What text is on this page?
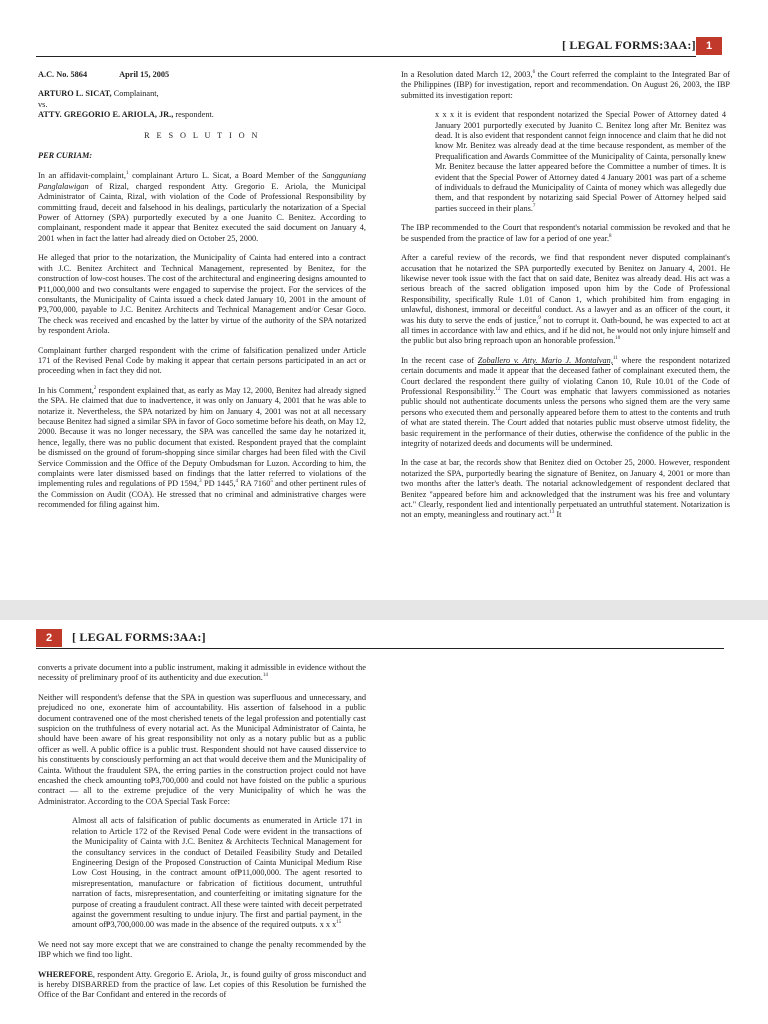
[ LEGAL FORMS:3AA:] 1
A.C. No. 5864	April 15, 2005
ARTURO L. SICAT, Complainant,
vs.
ATTY. GREGORIO E. ARIOLA, JR., respondent.
R E S O L U T I O N
PER CURIAM:

In an affidavit-complaint,$^1$ complainant Arturo L. Sicat, a Board Member of the Sangguniang Panglalawigan of Rizal, charged respondent Atty. Gregorio E. Ariola, the Municipal Administrator of Cainta, Rizal, with violation of the Code of Professional Responsibility by committing fraud, deceit and falsehood in his dealings, particularly the notarization of a Special Power of Attorney (SPA) purportedly executed by a one Juanito C. Benitez. According to complainant, respondent made it appear that Benitez executed the said document on January 4, 2001 when in fact the latter had already died on October 25, 2000.

He alleged that prior to the notarization, the Municipality of Cainta had entered into a contract with J.C. Benitez Architect and Technical Management, represented by Benitez, for the construction of low-cost houses. The cost of the architectural and engineering designs amounted to ₱11,000,000 and two consultants were engaged to supervise the project. For the services of the consultants, the Municipality of Cainta issued a check dated January 10, 2001 in the amount of ₱3,700,000, payable to J.C. Benitez Architects and Technical Management and/or Cesar Goco. The check was received and encashed by the latter by virtue of the authority of the SPA notarized by respondent Ariola.

Complainant further charged respondent with the crime of falsification penalized under Article 171 of the Revised Penal Code by making it appear that certain persons participated in an act or proceeding when in fact they did not.

In his Comment,$^2$ respondent explained that, as early as May 12, 2000, Benitez had already signed the SPA. He claimed that due to inadvertence, it was only on January 4, 2001 that he was able to notarize it. Nevertheless, the SPA notarized by him on January 4, 2001 was not at all necessary because Benitez had signed a similar SPA in favor of Goco sometime before his death, on May 12, 2000. Because it was no longer necessary, the SPA was cancelled the same day he notarized it, hence, legally, there was no public document that existed. Respondent prayed that the complaint be dismissed on the ground of forum-shopping since similar charges had been filed with the Civil Service Commission and the Office of the Deputy Ombudsman for Luzon. According to him, the complaints were later dismissed based on findings that the latter referred to violations of the implementing rules and regulations of PD 1594,$^3$ PD 1445,$^4$ RA 7160$^5$ and other pertinent rules of the Commission on Audit (COA). He stressed that no criminal and administrative charges were recommended for filing against him.

In a Resolution dated March 12, 2003,$^6$ the Court referred the complaint to the Integrated Bar of the Philippines (IBP) for investigation, report and recommendation. On August 26, 2003, the IBP submitted its investigation report:

x x x it is evident that respondent notarized the Special Power of Attorney dated 4 January 2001 purportedly executed by Juanito C. Benitez long after Mr. Benitez was dead. It is also evident that respondent cannot feign innocence and claim that he did not know Mr. Benitez was already dead at the time because respondent, as member of the Prequalification and Awards Committee of the Municipality of Cainta, personally knew Mr. Benitez because the latter appeared before the Committee a number of times. It is evident that the Special Power of Attorney dated 4 January 2001 was part of a scheme of individuals to defraud the Municipality of Cainta of money which was allegedly due them, and that respondent by notarizing said Special Power of Attorney helped said parties succeed in their plans.$^7$

The IBP recommended to the Court that respondent's notarial commission be revoked and that he be suspended from the practice of law for a period of one year.$^8$

After a careful review of the records, we find that respondent never disputed complainant's accusation that he notarized the SPA purportedly executed by Benitez on January 4, 2001. He likewise never took issue with the fact that on said date, Benitez was already dead. His act was a serious breach of the sacred obligation imposed upon him by the Code of Professional Responsibility, specifically Rule 1.01 of Canon 1, which prohibited him from engaging in unlawful, dishonest, immoral or deceitful conduct. As a lawyer and as an officer of the court, it was his duty to serve the ends of justice,$^9$ not to corrupt it. Oath-bound, he was expected to act at all times in accordance with law and ethics, and if he did not, he would not only injure himself and the public but also bring reproach upon an honorable profession.$^{10}$

In the recent case of Zoballero v. Atty. Mario J. Montalvan,$^{11}$ where the respondent notarized certain documents and made it appear that the deceased father of complainant executed them, the Court declared the respondent there guilty of violating Canon 10, Rule 10.01 of the Code of Professional Responsibility.$^{12}$ The Court was emphatic that lawyers commissioned as notaries public should not authenticate documents unless the persons who signed them are the very same persons who executed them and personally appeared before them to attest to the contents and truth of what are stated therein. The Court added that notaries public must observe utmost fidelity, the basic requirement in the performance of their duties, otherwise the confidence of the public in the integrity of notarized deeds and documents will be undermined.

In the case at bar, the records show that Benitez died on October 25, 2000. However, respondent notarized the SPA, purportedly bearing the signature of Benitez, on January 4, 2001 or more than two months after the latter's death. The notarial acknowledgement of respondent declared that Benitez "appeared before him and acknowledged that the instrument was his free and voluntary act." Clearly, respondent lied and intentionally perpetuated an untruthful statement. Notarization is not an empty, meaningless and routinary act.$^{13}$ It

2	[ LEGAL FORMS:3AA:]

converts a private document into a public instrument, making it admissible in evidence without the necessity of preliminary proof of its authenticity and due execution.$^{14}$

Neither will respondent's defense that the SPA in question was superfluous and unnecessary, and prejudiced no one, exonerate him of accountability. His assertion of falsehood in a public document contravened one of the most cherished tenets of the legal profession and potentially cast suspicion on the truthfulness of every notarial act. As the Municipal Administrator of Cainta, he should have been aware of his great responsibility not only as a notary public but as a public officer as well. A public office is a public trust. Respondent should not have caused disservice to his constituents by consciously performing an act that would deceive them and the Municipality of Cainta. Without the fraudulent SPA, the erring parties in the construction project could not have encashed the check amounting to₱3,700,000 and could not have foisted on the public a spurious contract — all to the extreme prejudice of the very Municipality of which he was the Administrator. According to the COA Special Task Force:

Almost all acts of falsification of public documents as enumerated in Article 171 in relation to Article 172 of the Revised Penal Code were evident in the transactions of the Municipality of Cainta with J.C. Benitez & Architects Technical Management for the consultancy services in the conduct of Detailed Feasibility Study and Detailed Engineering Design of the Proposed Construction of Cainta Municipal Medium Rise Low Cost Housing, in the contract amount of₱11,000,000. The agent resorted to misrepresentation, manufacture or fabrication of fictitious document, untruthful narration of facts, misrepresentation, and counterfeiting or imitating signature for the purpose of creating a fraudulent contract. All these were tainted with deceit perpetrated against the government resulting to undue injury. The first and partial payment, in the amount of₱3,700,000.00 was made in the absence of the required outputs. x x x$^{15}$

We need not say more except that we are constrained to change the penalty recommended by the IBP which we find too light.

WHEREFORE, respondent Atty. Gregorio E. Ariola, Jr., is found guilty of gross misconduct and is hereby DISBARRED from the practice of law. Let copies of this Resolution be furnished the Office of the Bar Confidant and entered in the records of
